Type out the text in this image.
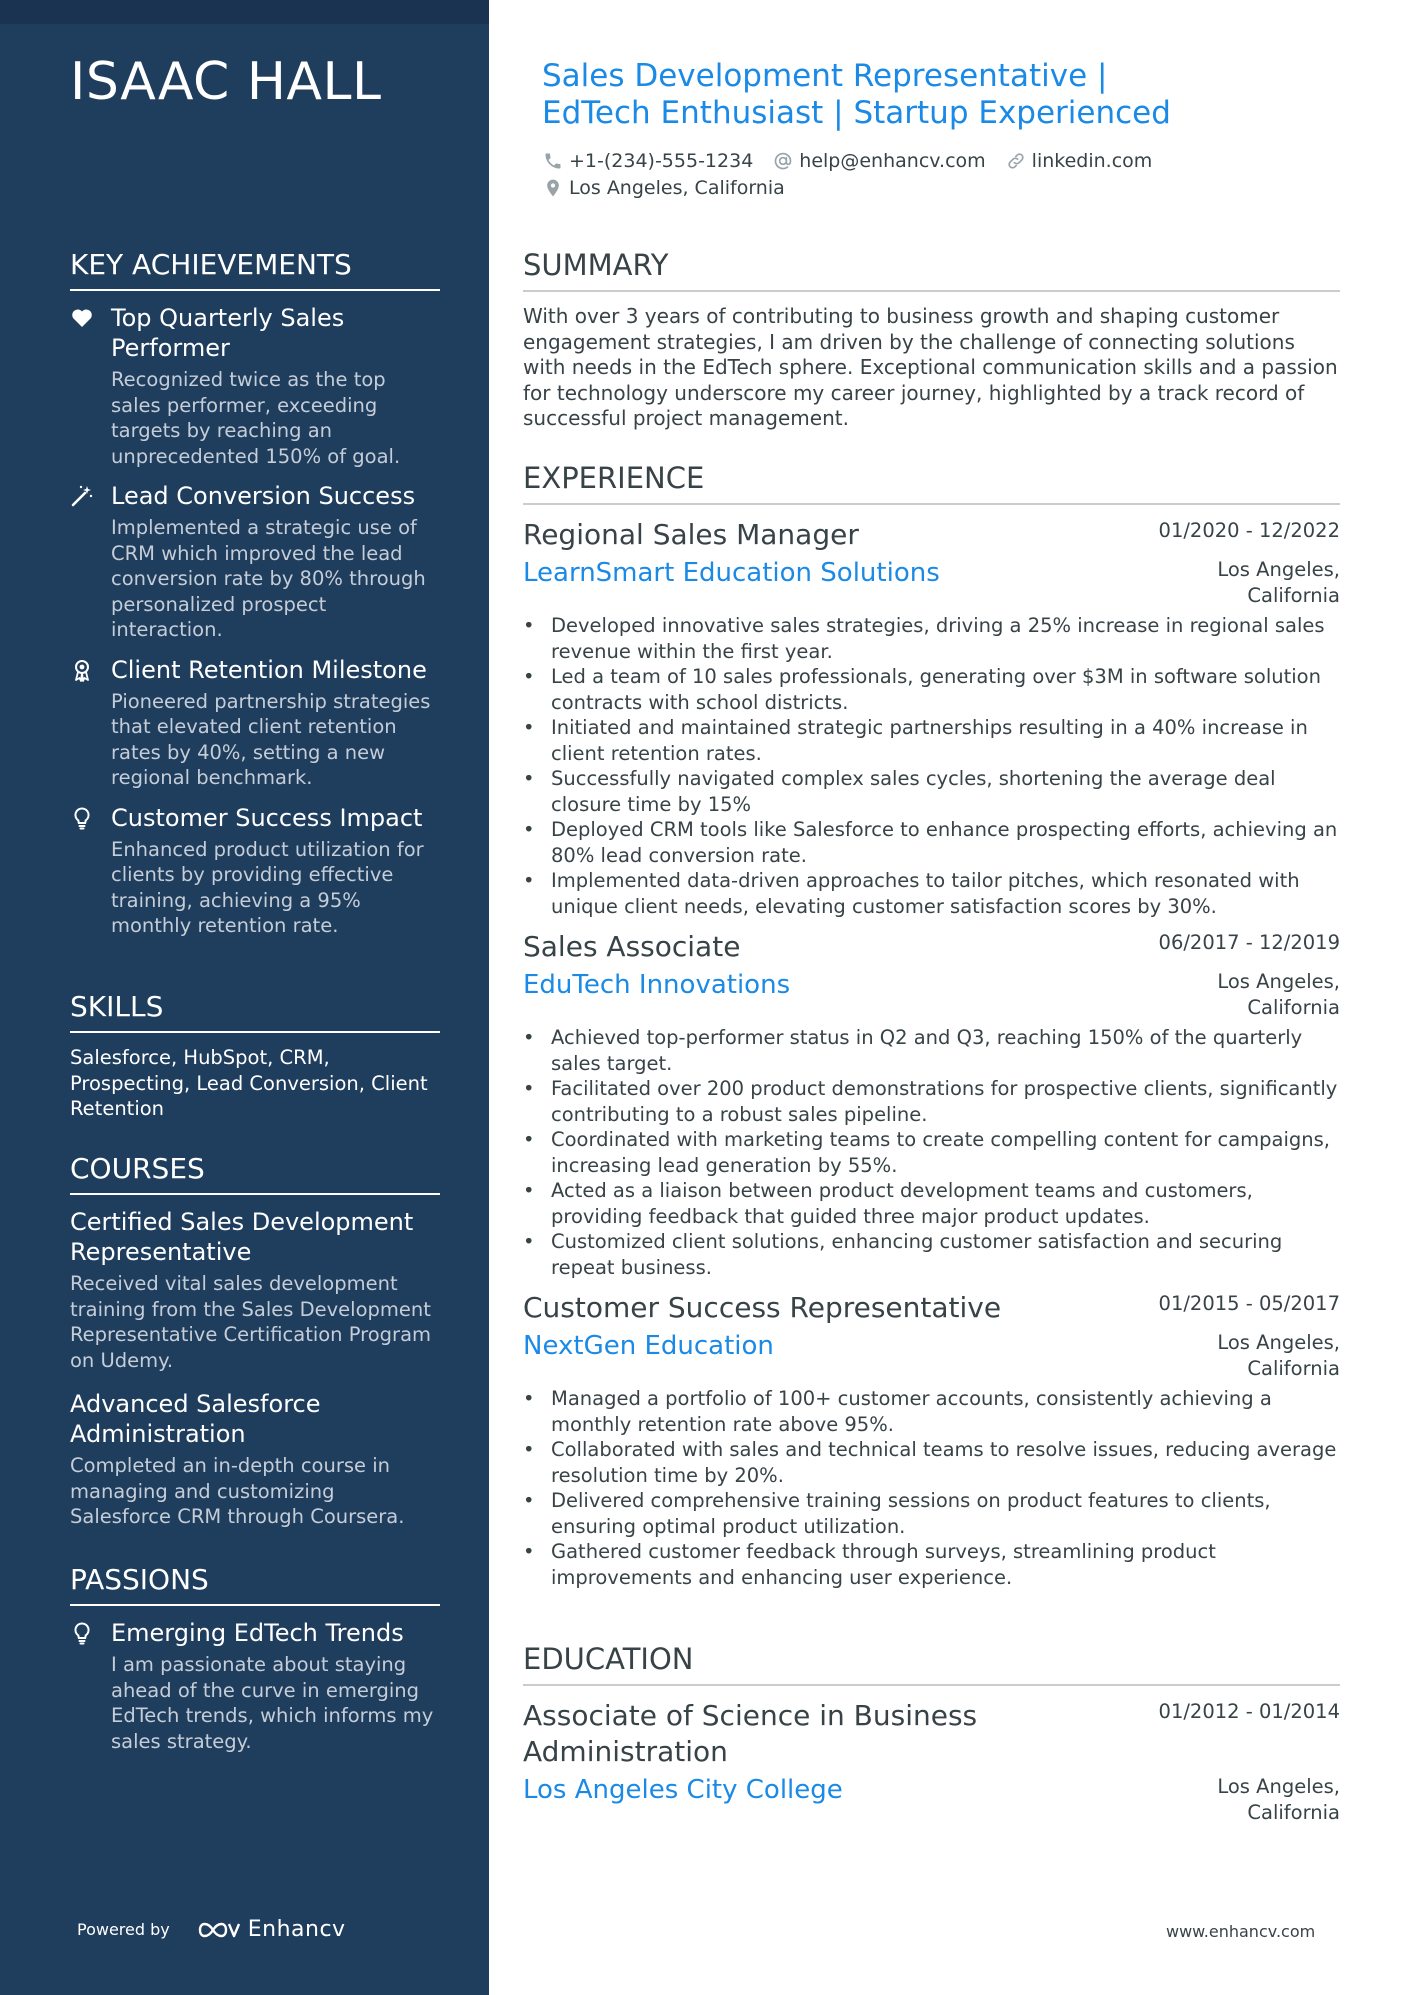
ISAAC HALL
KEY ACHIEVEMENTS
Top Quarterly Sales Performer
Recognized twice as the top sales performer, exceeding targets by reaching an unprecedented 150% of goal.
Lead Conversion Success
Implemented a strategic use of CRM which improved the lead conversion rate by 80% through personalized prospect interaction.
Client Retention Milestone
Pioneered partnership strategies that elevated client retention rates by 40%, setting a new regional benchmark.
Customer Success Impact
Enhanced product utilization for clients by providing effective training, achieving a 95% monthly retention rate.
SKILLS
Salesforce, HubSpot, CRM, Prospecting, Lead Conversion, Client Retention
COURSES
Certified Sales Development Representative
Received vital sales development training from the Sales Development Representative Certification Program on Udemy.
Advanced Salesforce Administration
Completed an in-depth course in managing and customizing Salesforce CRM through Coursera.
PASSIONS
Emerging EdTech Trends
I am passionate about staying ahead of the curve in emerging EdTech trends, which informs my sales strategy.
Powered by	Enhancv
Sales Development Representative | EdTech Enthusiast | Startup Experienced
+1-(234)-555-1234 help@enhancv.com linkedin.com
Los Angeles, California
SUMMARY
With over 3 years of contributing to business growth and shaping customer engagement strategies, I am driven by the challenge of connecting solutions with needs in the EdTech sphere. Exceptional communication skills and a passion for technology underscore my career journey, highlighted by a track record of successful project management.
EXPERIENCE
Regional Sales Manager	01/2020 - 12/2022
LearnSmart Education Solutions	Los Angeles,
California
• Developed innovative sales strategies, driving a 25% increase in regional sales revenue within the first year.
• Led a team of 10 sales professionals, generating over $3M in software solution contracts with school districts.
• Initiated and maintained strategic partnerships resulting in a 40% increase in client retention rates.
• Successfully navigated complex sales cycles, shortening the average deal closure time by 15%
• Deployed CRM tools like Salesforce to enhance prospecting efforts, achieving an 80% lead conversion rate.
• Implemented data-driven approaches to tailor pitches, which resonated with unique client needs, elevating customer satisfaction scores by 30%.
Sales Associate	06/2017 - 12/2019
EduTech Innovations	Los Angeles,
California
• Achieved top-performer status in Q2 and Q3, reaching 150% of the quarterly sales target.
• Facilitated over 200 product demonstrations for prospective clients, significantly contributing to a robust sales pipeline.
• Coordinated with marketing teams to create compelling content for campaigns, increasing lead generation by 55%.
• Acted as a liaison between product development teams and customers, providing feedback that guided three major product updates.
• Customized client solutions, enhancing customer satisfaction and securing repeat business.
Customer Success Representative	01/2015 - 05/2017
NextGen Education	Los Angeles,
California
• Managed a portfolio of 100+ customer accounts, consistently achieving a monthly retention rate above 95%.
• Collaborated with sales and technical teams to resolve issues, reducing average resolution time by 20%.
• Delivered comprehensive training sessions on product features to clients, ensuring optimal product utilization.
• Gathered customer feedback through surveys, streamlining product improvements and enhancing user experience.
EDUCATION
Associate of Science in Business Administration
01/2012 - 01/2014
Los Angeles City College	Los Angeles,
California
www.enhancv.com
